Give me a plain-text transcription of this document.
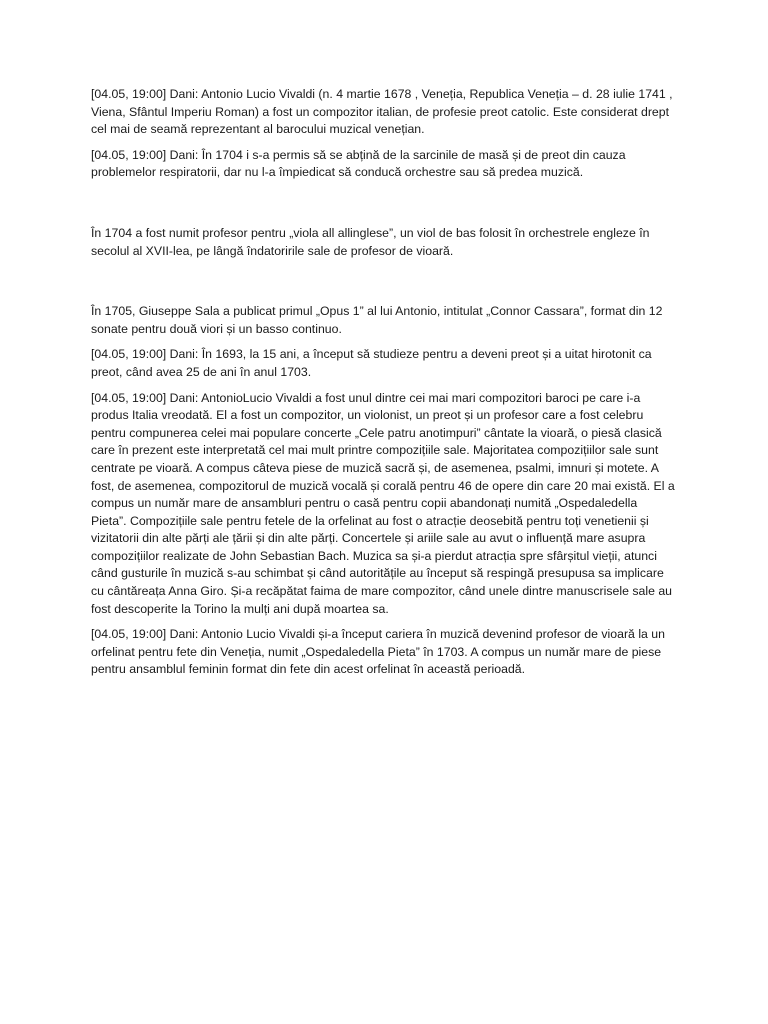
[04.05, 19:00] Dani: Antonio Lucio Vivaldi (n. 4 martie 1678 , Veneția, Republica Veneția – d. 28 iulie 1741 , Viena, Sfântul Imperiu Roman) a fost un compozitor italian, de profesie preot catolic. Este considerat drept cel mai de seamă reprezentant al barocului muzical venețian.

[04.05, 19:00] Dani: În 1704 i s-a permis să se abțină de la sarcinile de masă și de preot din cauza problemelor respiratorii, dar nu l-a împiedicat să conducă orchestre sau să predea muzică.

În 1704 a fost numit profesor pentru „viola all allinglese”, un viol de bas folosit în orchestrele engleze în secolul al XVII-lea, pe lângă îndatoririle sale de profesor de vioară.

În 1705, Giuseppe Sala a publicat primul „Opus 1” al lui Antonio, intitulat „Connor Cassara”, format din 12 sonate pentru două viori și un basso continuo.

[04.05, 19:00] Dani: În 1693, la 15 ani, a început să studieze pentru a deveni preot și a uitat hirotonit ca preot, când avea 25 de ani în anul 1703.

[04.05, 19:00] Dani: AntonioLucio Vivaldi a fost unul dintre cei mai mari compozitori baroci pe care i-a produs Italia vreodată. El a fost un compozitor, un violonist, un preot și un profesor care a fost celebru pentru compunerea celei mai populare concerte „Cele patru anotimpuri” cântate la vioară, o piesă clasică care în prezent este interpretată cel mai mult printre compozițiile sale. Majoritatea compozițiilor sale sunt centrate pe vioară. A compus câteva piese de muzică sacră și, de asemenea, psalmi, imnuri și motete. A fost, de asemenea, compozitorul de muzică vocală și corală pentru 46 de opere din care 20 mai există. El a compus un număr mare de ansambluri pentru o casă pentru copii abandonați numită „Ospedaledella Pieta”. Compozițiile sale pentru fetele de la orfelinat au fost o atracție deosebită pentru toți venetienii și vizitatorii din alte părți ale țării și din alte părți. Concertele și ariile sale au avut o influență mare asupra compozițiilor realizate de John Sebastian Bach. Muzica sa și-a pierdut atracția spre sfârșitul vieții, atunci când gusturile în muzică s-au schimbat și când autoritățile au început să respingă presupusa sa implicare cu cântăreața Anna Giro. Și-a recăpătat faima de mare compozitor, când unele dintre manuscrisele sale au fost descoperite la Torino la mulți ani după moartea sa.

[04.05, 19:00] Dani: Antonio Lucio Vivaldi și-a început cariera în muzică devenind profesor de vioară la un orfelinat pentru fete din Veneția, numit „Ospedaledella Pieta” în 1703. A compus un număr mare de piese pentru ansamblul feminin format din fete din acest orfelinat în această perioadă.
